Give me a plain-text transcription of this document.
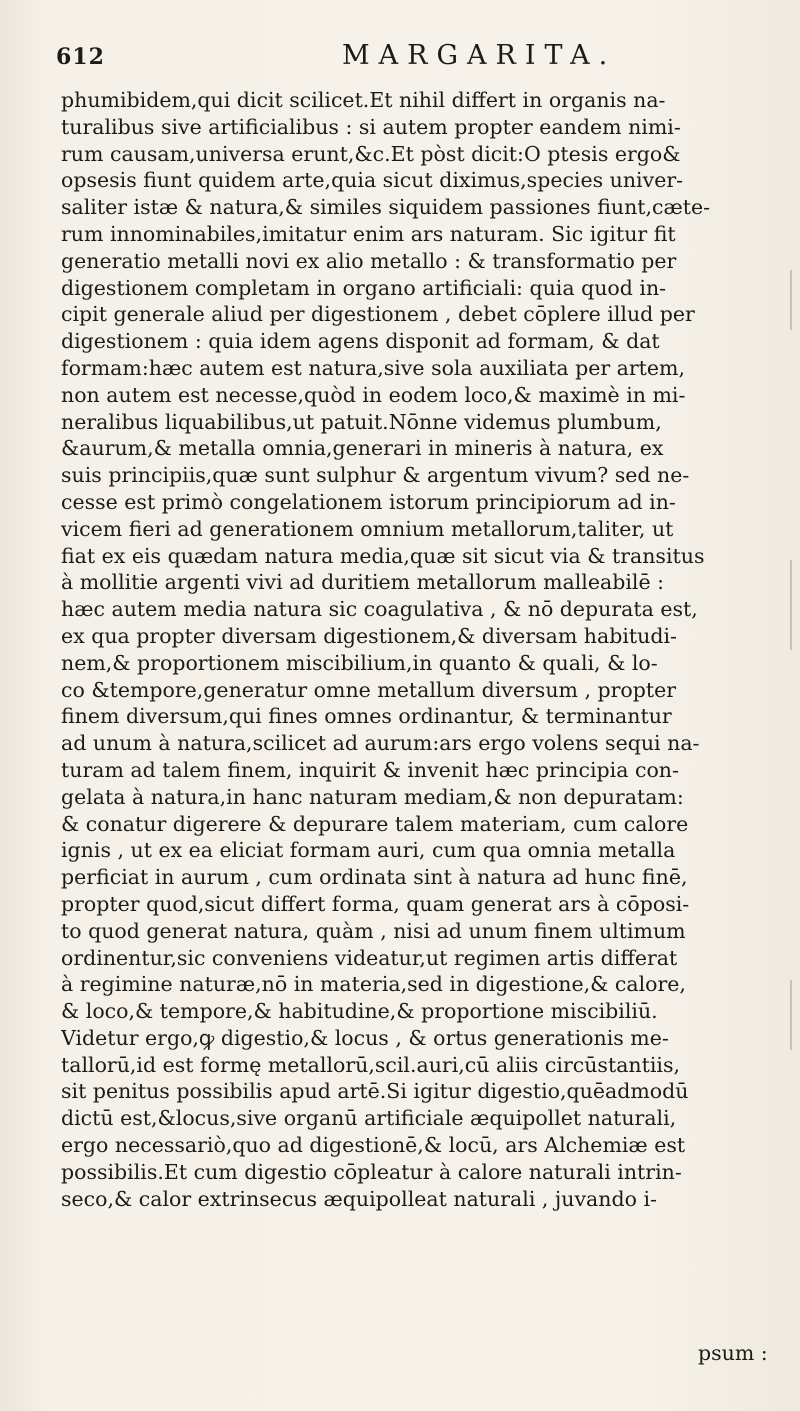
612	MARGARITA.
phumibidem,qui dicit scilicet.Et nihil differt in organis na-
turalibus sive artificialibus : si autem propter eandem nimi-
rum causam,universa erunt,&c.Et pòst dicit:O ptesis ergo&
opsesis fiunt quidem arte,quia sicut diximus,species univer-
saliter istæ & natura,& similes siquidem passiones fiunt,cæte-
rum innominabiles,imitatur enim ars naturam. Sic igitur fit
generatio metalli novi ex alio metallo : & transformatio per
digestionem completam in organo artificiali: quia quod in-
cipit generale aliud per digestionem , debet cōplere illud per
digestionem : quia idem agens disponit ad formam, & dat
formam:hæc autem est natura,sive sola auxiliata per artem,
non autem est necesse,quòd in eodem loco,& maximè in mi-
neralibus liquabilibus,ut patuit.Nōnne videmus plumbum,
&aurum,& metalla omnia,generari in mineris à natura, ex
suis principiis,quæ sunt sulphur & argentum vivum? sed ne-
cesse est primò congelationem istorum principiorum ad in-
vicem fieri ad generationem omnium metallorum,taliter, ut
fiat ex eis quædam natura media,quæ sit sicut via & transitus
à mollitie argenti vivi ad duritiem metallorum malleabilē :
hæc autem media natura sic coagulativa , & nō depurata est,
ex qua propter diversam digestionem,& diversam habitudi-
nem,& proportionem miscibilium,in quanto & quali, & lo-
co &tempore,generatur omne metallum diversum , propter
finem diversum,qui fines omnes ordinantur, & terminantur
ad unum à natura,scilicet ad aurum:ars ergo volens sequi na-
turam ad talem finem, inquirit & invenit hæc principia con-
gelata à natura,in hanc naturam mediam,& non depuratam:
& conatur digerere & depurare talem materiam, cum calore
ignis , ut ex ea eliciat formam auri, cum qua omnia metalla
perficiat in aurum , cum ordinata sint à natura ad hunc finē,
propter quod,sicut differt forma, quam generat ars à cōposi-
to quod generat natura, quàm , nisi ad unum finem ultimum
ordinentur,sic conveniens videatur,ut regimen artis differat
à regimine naturæ,nō in materia,sed in digestione,& calore,
& loco,& tempore,& habitudine,& proportione miscibiliū.
Videtur ergo,ꝙ digestio,& locus , & ortus generationis me-
tallorū,id est formę metallorū,scil.auri,cū aliis circūstantiis,
sit penitus possibilis apud artē.Si igitur digestio,quēadmodū
dictū est,&locus,sive organū artificiale æquipollet naturali,
ergo necessariò,quo ad digestionē,& locū, ars Alchemiæ est
possibilis.Et cum digestio cōpleatur à calore naturali intrin-
seco,& calor extrinsecus æquipolleat naturali , juvando i-
psum :
